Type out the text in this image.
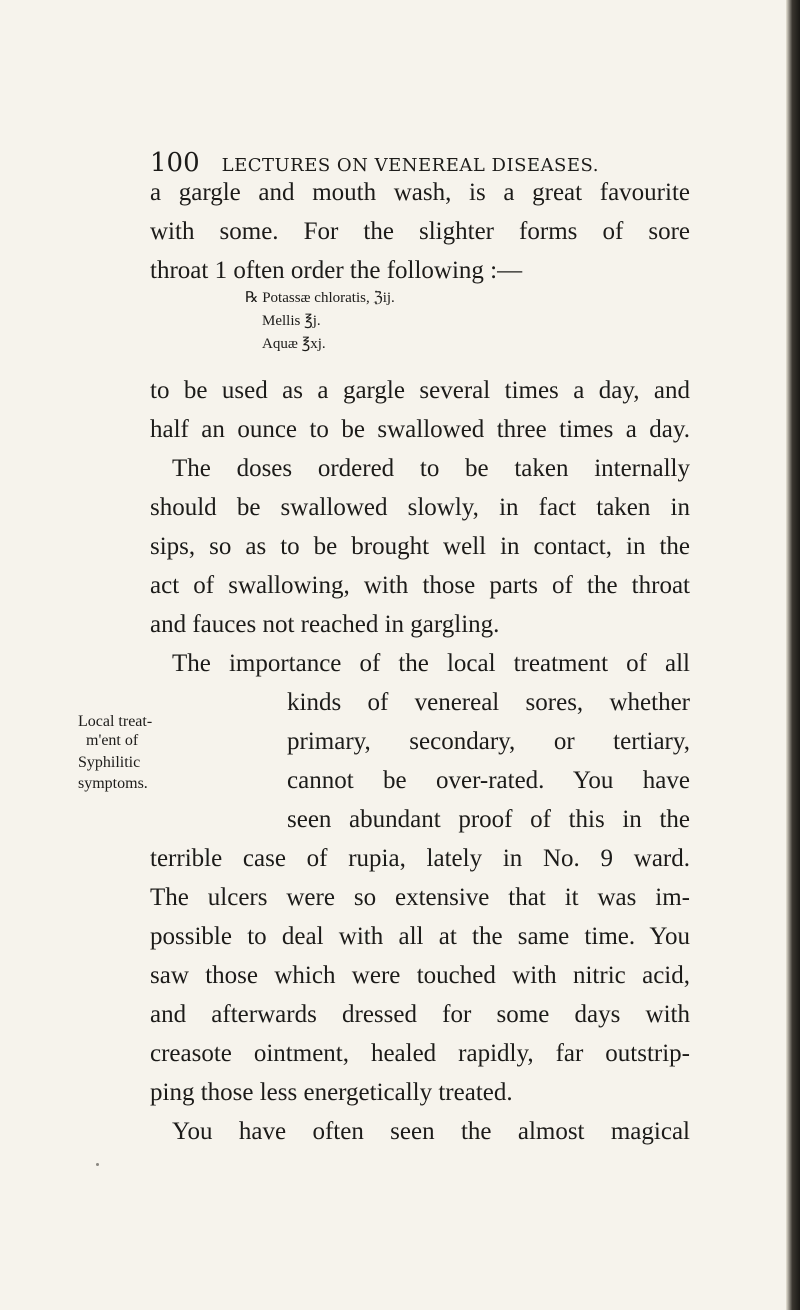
100 LECTURES ON VENEREAL DISEASES.
a gargle and mouth wash, is a great favourite
with some. For the slighter forms of sore
throat 1 often order the following :—
℞ Potassæ chloratis, ℨij.
Mellis ℥j.
Aquæ ℥xj.
to be used as a gargle several times a day, and
half an ounce to be swallowed three times a day.
The doses ordered to be taken internally
should be swallowed slowly, in fact taken in
sips, so as to be brought well in contact, in the
act of swallowing, with those parts of the throat
and fauces not reached in gargling.
The importance of the local treatment of all
kinds of venereal sores, whether
primary, secondary, or tertiary,
cannot be over-rated. You have
seen abundant proof of this in the
Local treat-
m'ent of
Syphilitic
symptoms.
terrible case of rupia, lately in No. 9 ward.
The ulcers were so extensive that it was im-
possible to deal with all at the same time. You
saw those which were touched with nitric acid,
and afterwards dressed for some days with
creasote ointment, healed rapidly, far outstrip-
ping those less energetically treated.
You have often seen the almost magical
